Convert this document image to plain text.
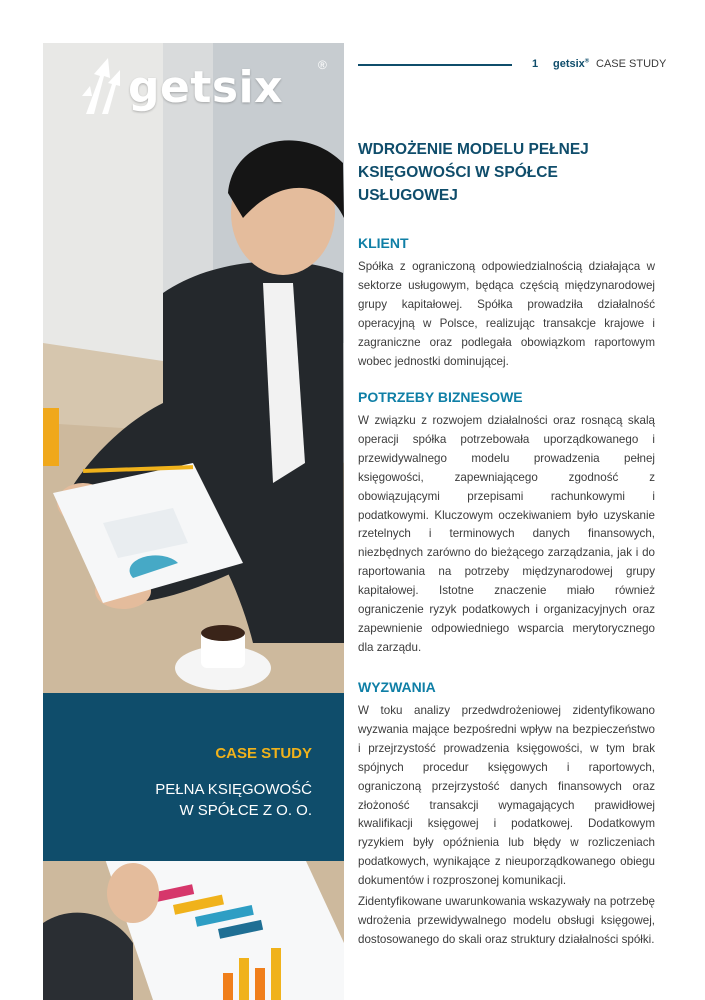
getsix	®
CASE STUDY
PEŁNA KSIĘGOWOŚĆ
W SPÓŁCE Z O. O.
1 getsix® CASE STUDY
WDROŻENIE MODELU PEŁNEJ KSIĘGOWOŚCI W SPÓŁCE USŁUGOWEJ
KLIENT
Spółka z ograniczoną odpowiedzialnością działająca w sektorze usługowym, będąca częścią międzynarodowej grupy kapitałowej. Spółka prowadziła działalność operacyjną w Polsce, realizując transakcje krajowe i zagraniczne oraz podlegała obowiązkom raportowym wobec jednostki dominującej.
POTRZEBY BIZNESOWE
W związku z rozwojem działalności oraz rosnącą skalą operacji spółka potrzebowała uporządkowanego i przewidywalnego modelu prowadzenia pełnej księgowości, zapewniającego zgodność z obowiązującymi przepisami rachunkowymi i podatkowymi. Kluczowym oczekiwaniem było uzyskanie rzetelnych i terminowych danych finansowych, niezbędnych zarówno do bieżącego zarządzania, jak i do raportowania na potrzeby międzynarodowej grupy kapitałowej. Istotne znaczenie miało również ograniczenie ryzyk podatkowych i organizacyjnych oraz zapewnienie odpowiedniego wsparcia merytorycznego dla zarządu.
WYZWANIA
W toku analizy przedwdrożeniowej zidentyfikowano wyzwania mające bezpośredni wpływ na bezpieczeństwo i przejrzystość prowadzenia księgowości, w tym brak spójnych procedur księgowych i raportowych, ograniczoną przejrzystość danych finansowych oraz złożoność transakcji wymagających prawidłowej kwalifikacji księgowej i podatkowej. Dodatkowym ryzykiem były opóźnienia lub błędy w rozliczeniach podatkowych, wynikające z nieuporządkowanego obiegu dokumentów i rozproszonej komunikacji.
Zidentyfikowane uwarunkowania wskazywały na potrzebę wdrożenia przewidywalnego modelu obsługi księgowej, dostosowanego do skali oraz struktury działalności spółki.
